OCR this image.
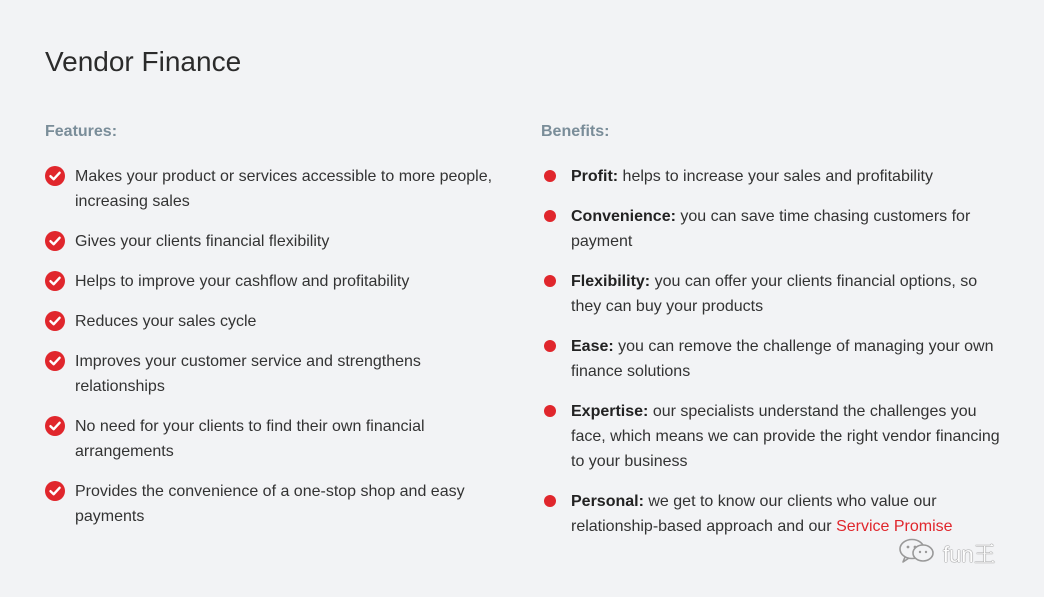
Vendor Finance
Features:
Makes your product or services accessible to more people, increasing sales
Gives your clients financial flexibility
Helps to improve your cashflow and profitability
Reduces your sales cycle
Improves your customer service and strengthens relationships
No need for your clients to find their own financial arrangements
Provides the convenience of a one-stop shop and easy payments
Benefits:
Profit: helps to increase your sales and profitability
Convenience: you can save time chasing customers for payment
Flexibility: you can offer your clients financial options, so they can buy your products
Ease: you can remove the challenge of managing your own finance solutions
Expertise: our specialists understand the challenges you face, which means we can provide the right vendor financing to your business
Personal: we get to know our clients who value our relationship-based approach and our Service Promise
fun王
